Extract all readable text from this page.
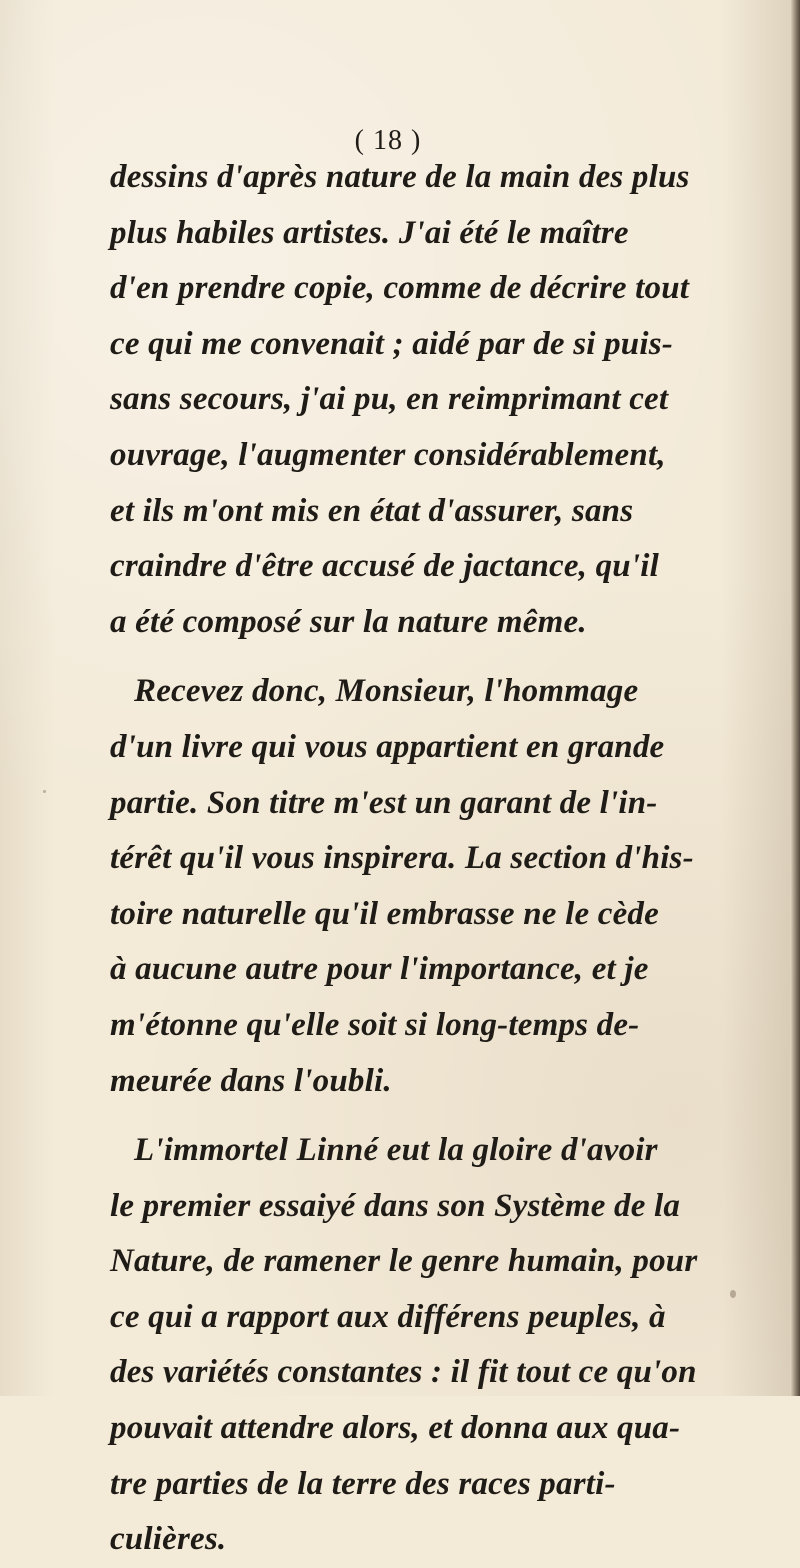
( 18 )
dessins d'après nature de la main des plus
plus habiles artistes. J'ai été le maître
d'en prendre copie, comme de décrire tout
ce qui me convenait ; aidé par de si puis-
sans secours, j'ai pu, en reimprimant cet
ouvrage, l'augmenter considérablement,
et ils m'ont mis en état d'assurer, sans
craindre d'être accusé de jactance, qu'il
a été composé sur la nature même.
Recevez donc, Monsieur, l'hommage
d'un livre qui vous appartient en grande
partie. Son titre m'est un garant de l'in-
térêt qu'il vous inspirera. La section d'his-
toire naturelle qu'il embrasse ne le cède
à aucune autre pour l'importance, et je
m'étonne qu'elle soit si long-temps de-
meurée dans l'oubli.
L'immortel Linné eut la gloire d'avoir
le premier essaiyé dans son Système de la
Nature, de ramener le genre humain, pour
ce qui a rapport aux différens peuples, à
des variétés constantes : il fit tout ce qu'on
pouvait attendre alors, et donna aux qua-
tre parties de la terre des races parti-
culières.
